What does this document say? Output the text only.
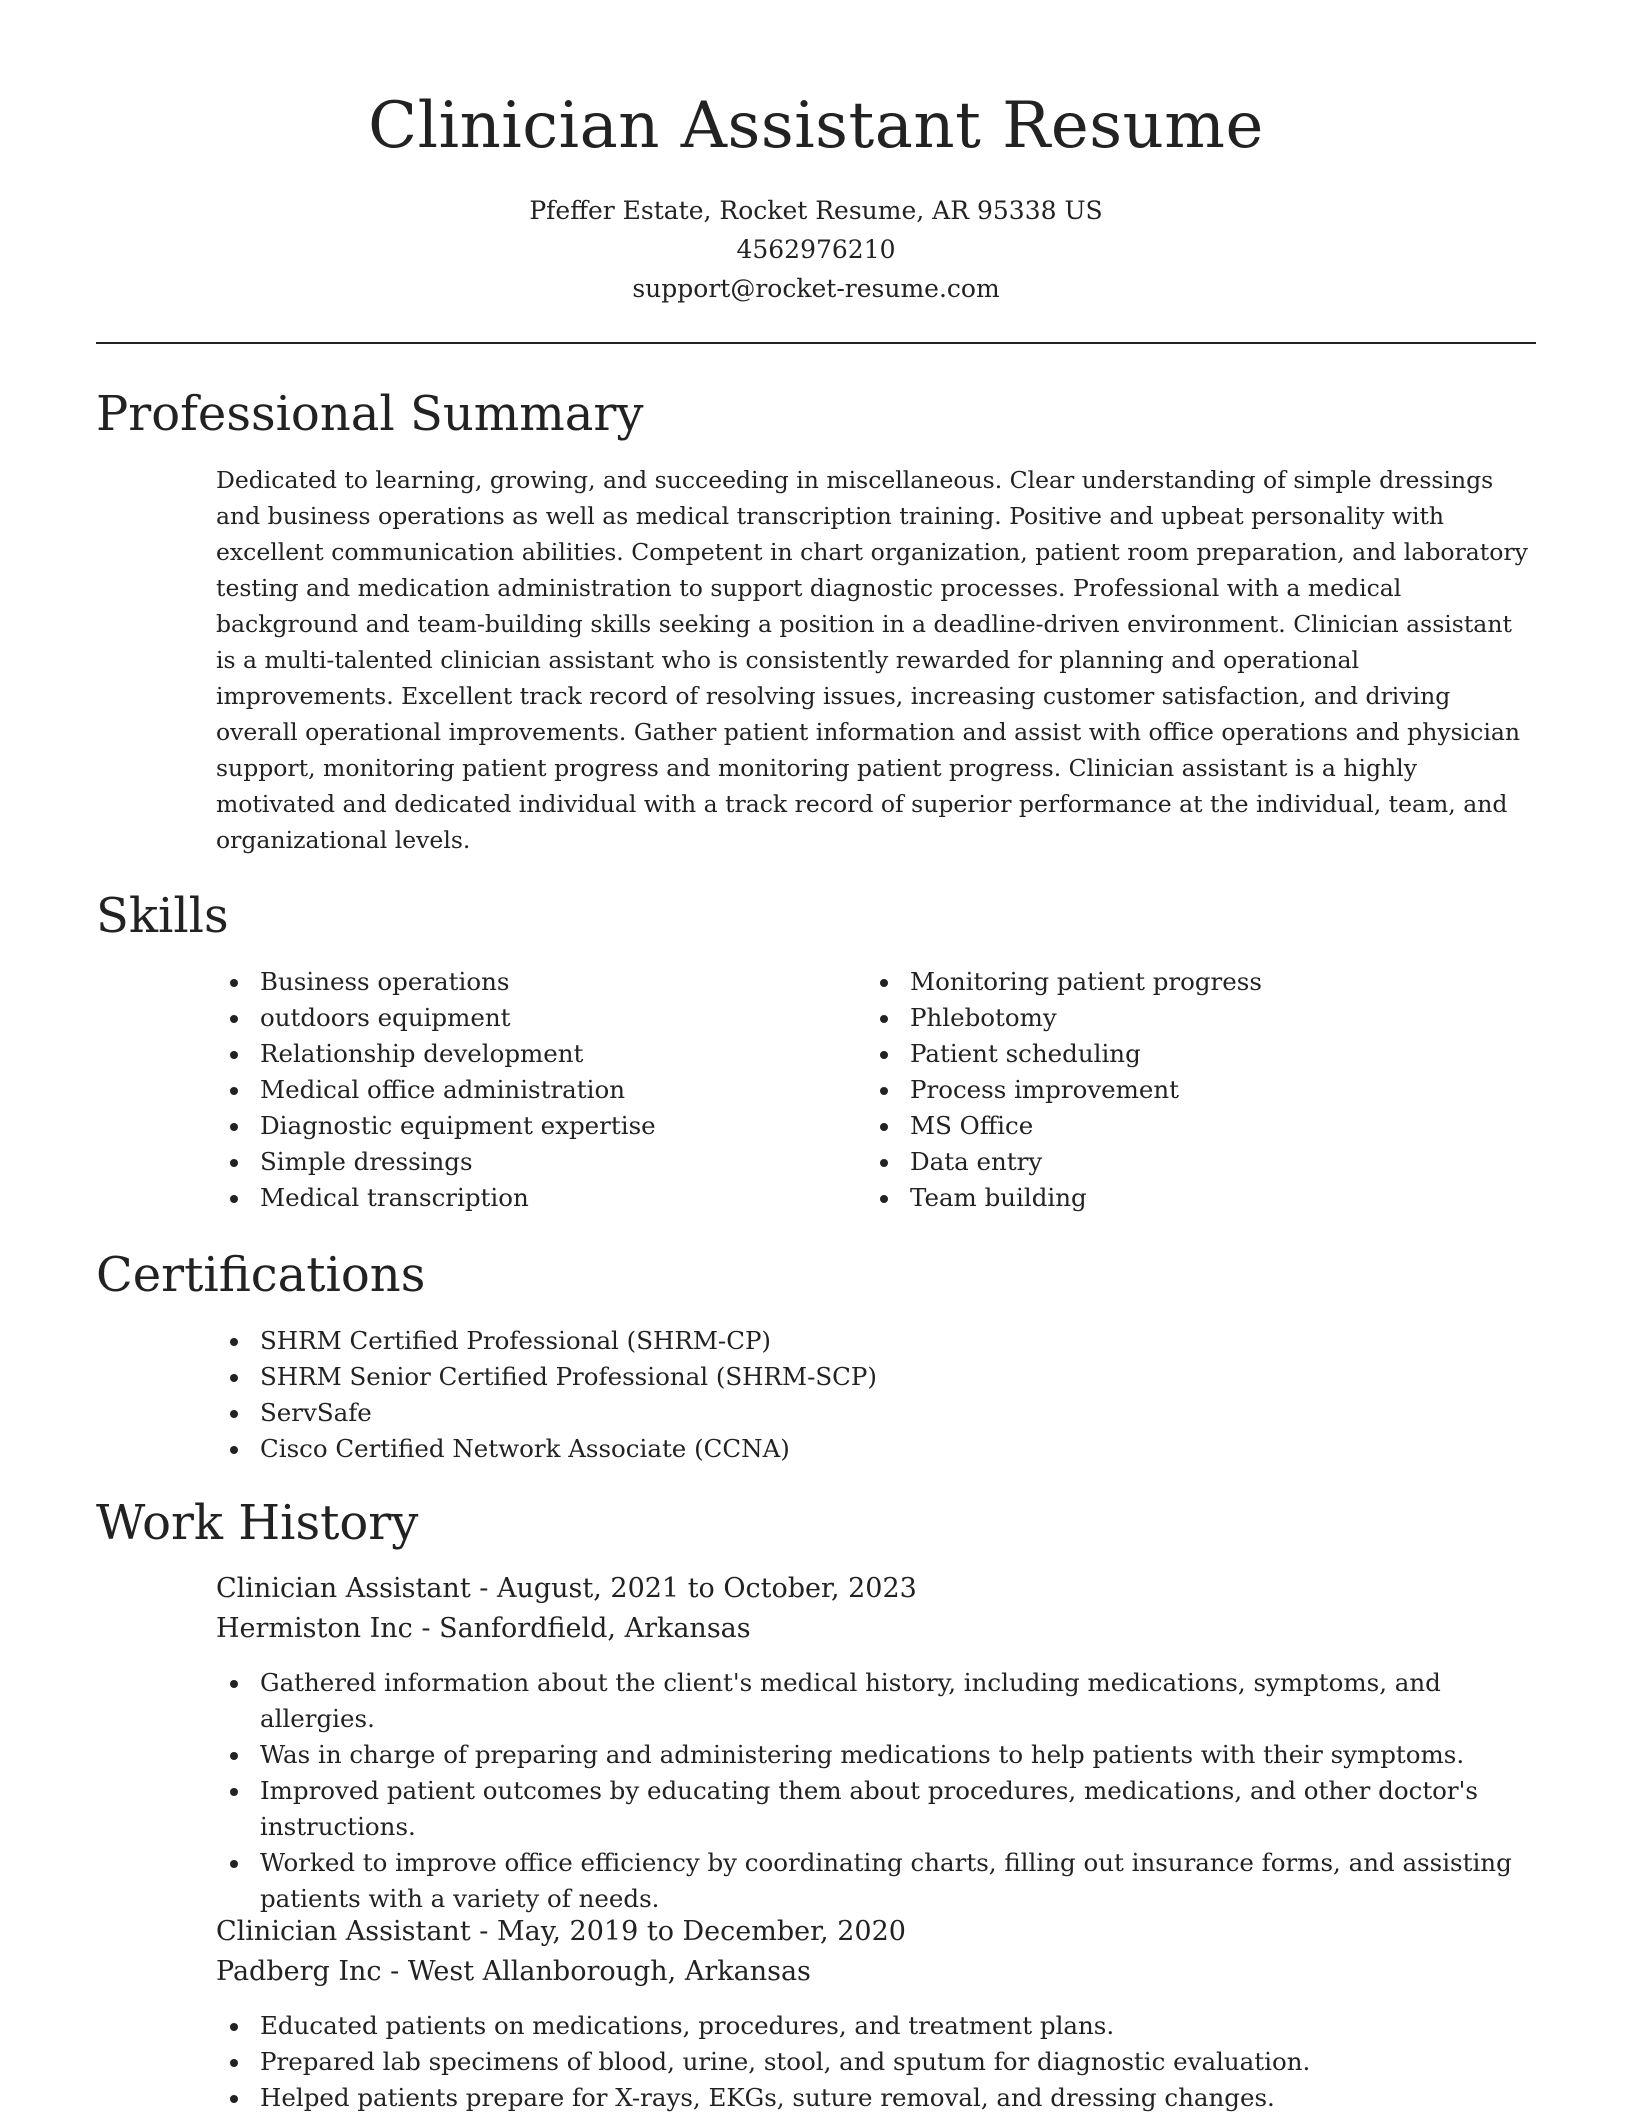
Clinician Assistant Resume
Pfeffer Estate, Rocket Resume, AR 95338 US
4562976210
support@rocket-resume.com
Professional Summary

Dedicated to learning, growing, and succeeding in miscellaneous. Clear understanding of simple dressings and business operations as well as medical transcription training. Positive and upbeat personality with excellent communication abilities. Competent in chart organization, patient room preparation, and laboratory testing and medication administration to support diagnostic processes. Professional with a medical background and team-building skills seeking a position in a deadline-driven environment. Clinician assistant is a multi-talented clinician assistant who is consistently rewarded for planning and operational improvements. Excellent track record of resolving issues, increasing customer satisfaction, and driving overall operational improvements. Gather patient information and assist with office operations and physician support, monitoring patient progress and monitoring patient progress. Clinician assistant is a highly motivated and dedicated individual with a track record of superior performance at the individual, team, and organizational levels.

Skills
Business operations
outdoors equipment
Relationship development
Medical office administration
Diagnostic equipment expertise
Simple dressings
Medical transcription
Monitoring patient progress
Phlebotomy
Patient scheduling
Process improvement
MS Office
Data entry
Team building
Certifications
SHRM Certified Professional (SHRM-CP)
SHRM Senior Certified Professional (SHRM-SCP)
ServSafe
Cisco Certified Network Associate (CCNA)
Work History
Clinician Assistant - August, 2021 to October, 2023
Hermiston Inc - Sanfordfield, Arkansas
Gathered information about the client's medical history, including medications, symptoms, and allergies.
Was in charge of preparing and administering medications to help patients with their symptoms.
Improved patient outcomes by educating them about procedures, medications, and other doctor's instructions.
Worked to improve office efficiency by coordinating charts, filling out insurance forms, and assisting patients with a variety of needs.
Clinician Assistant - May, 2019 to December, 2020
Padberg Inc - West Allanborough, Arkansas
Educated patients on medications, procedures, and treatment plans.
Prepared lab specimens of blood, urine, stool, and sputum for diagnostic evaluation.
Helped patients prepare for X-rays, EKGs, suture removal, and dressing changes.
